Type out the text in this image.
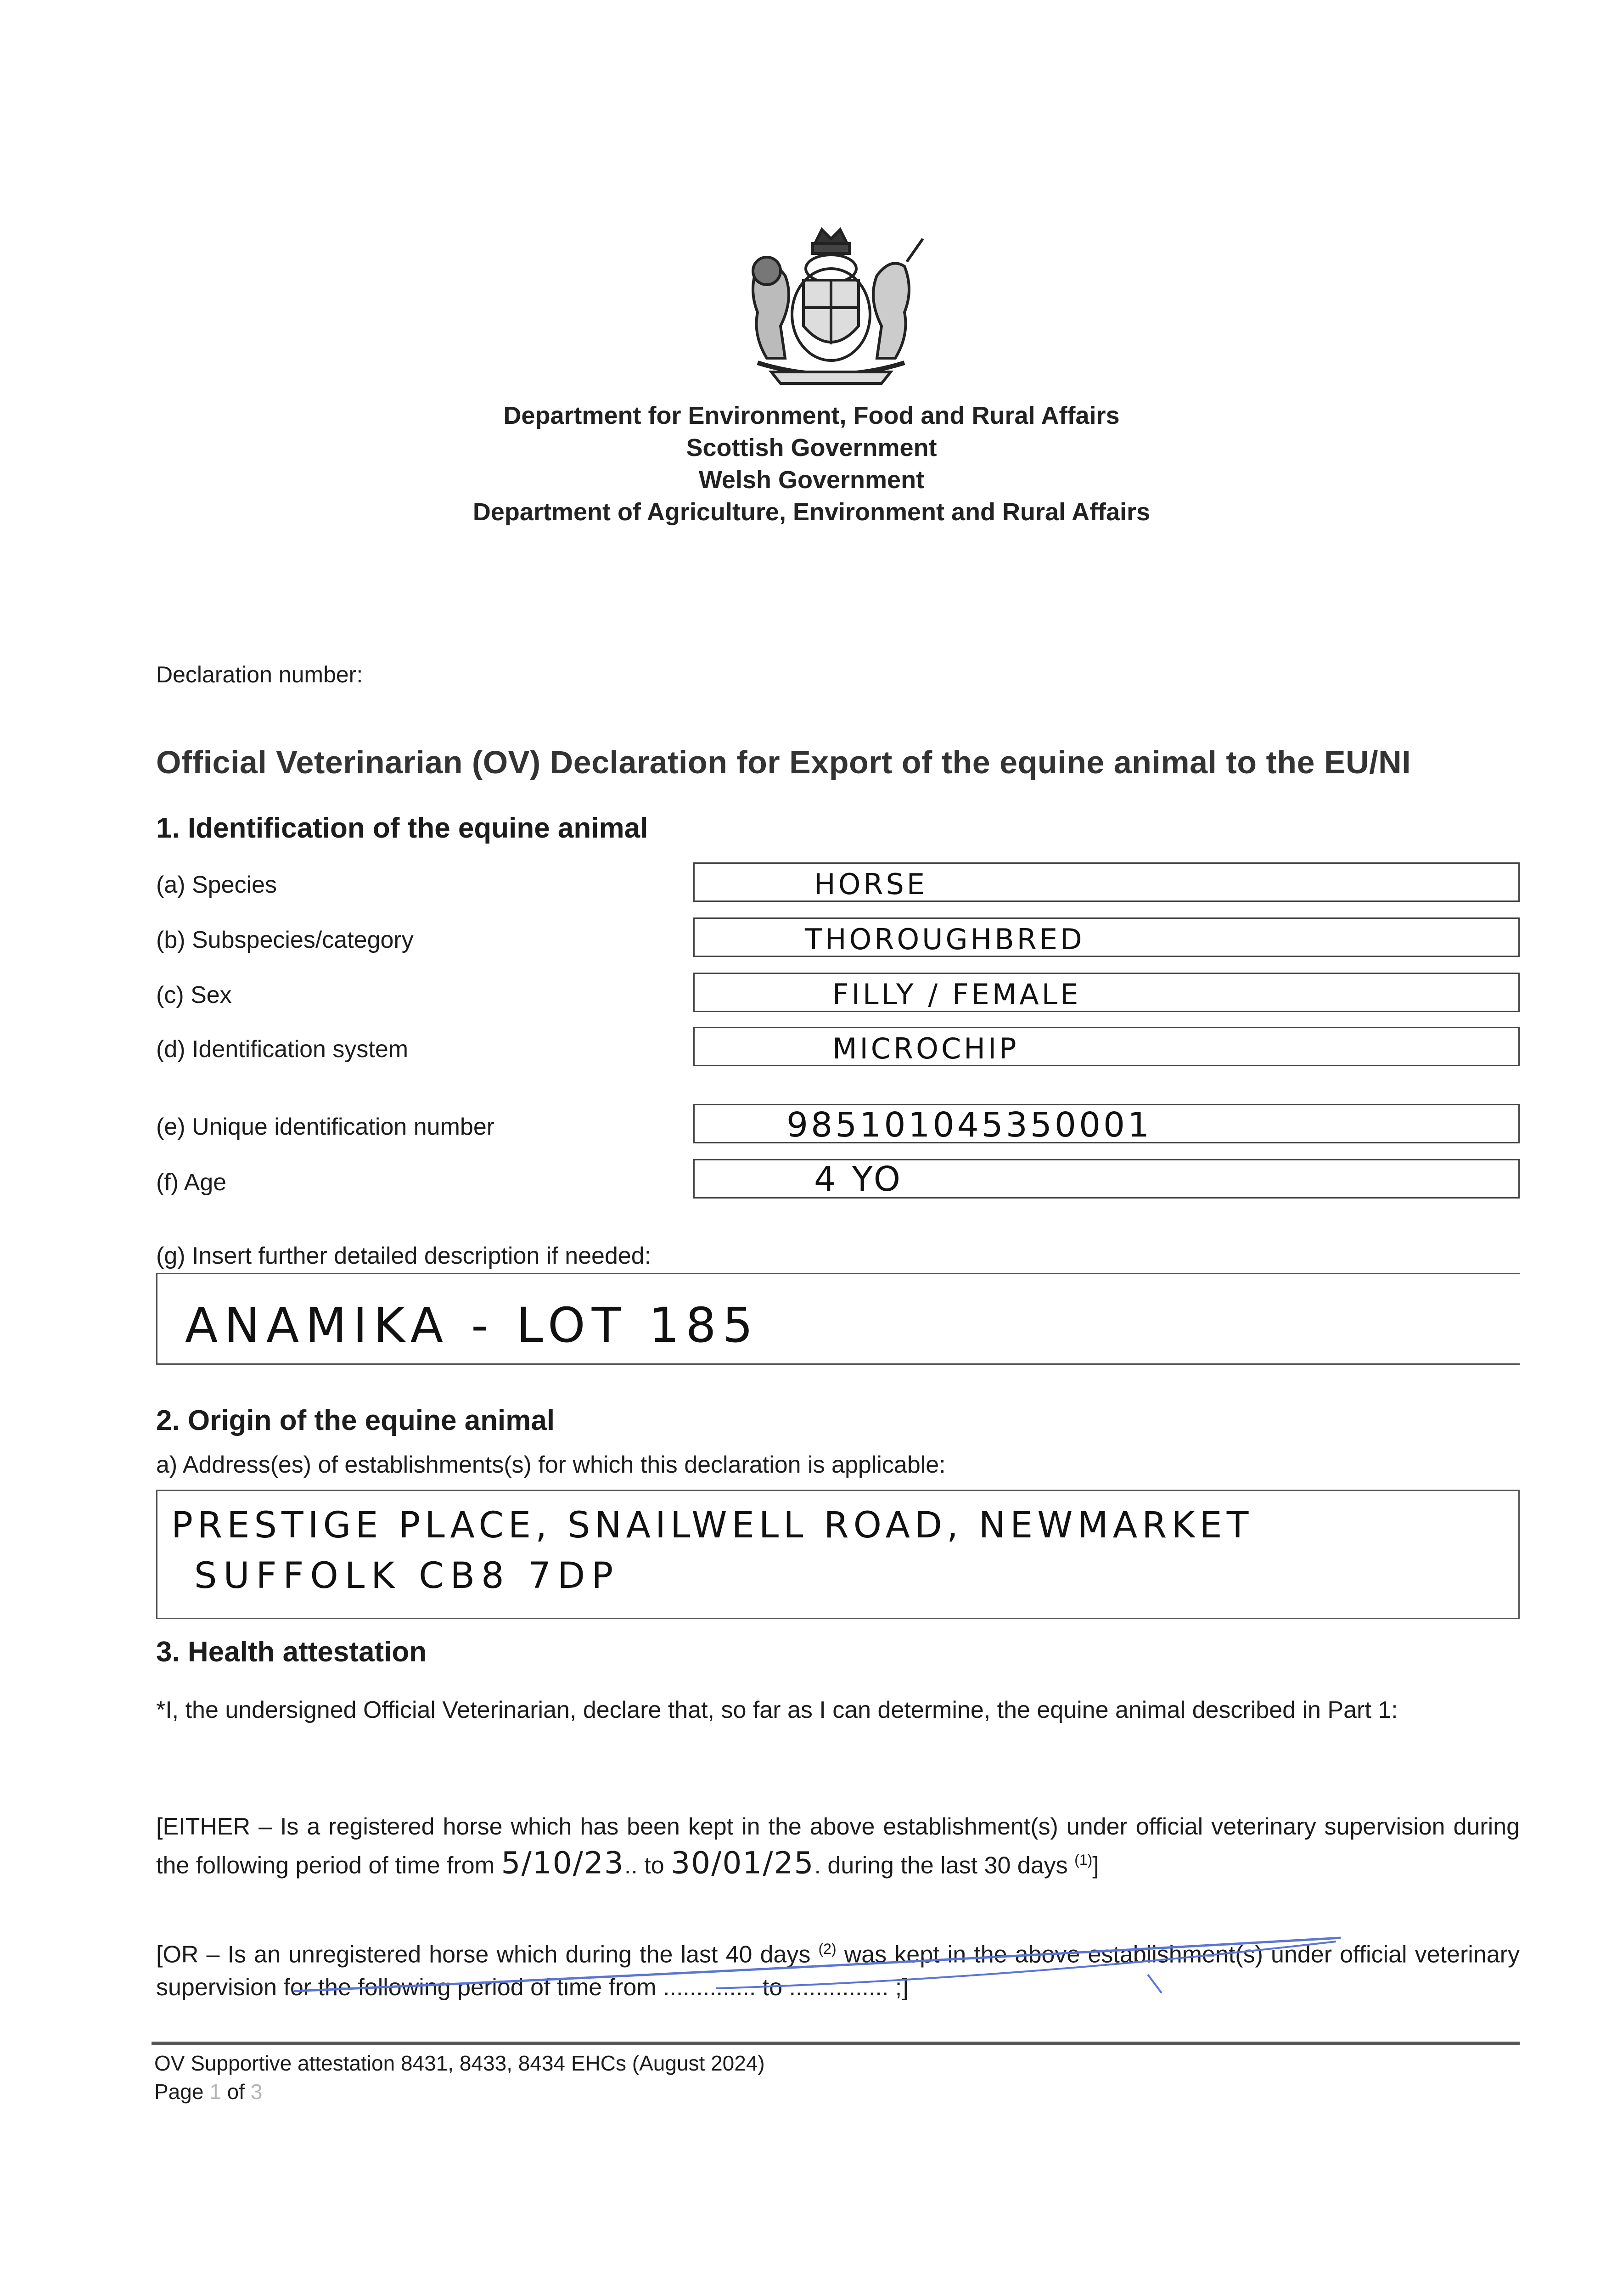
Department for Environment, Food and Rural Affairs
Scottish Government
Welsh Government
Department of Agriculture, Environment and Rural Affairs
Declaration number:
Official Veterinarian (OV) Declaration for Export of the equine animal to the EU/NI
1. Identification of the equine animal
(a) Species	HORSE
(b) Subspecies/category	THOROUGHBRED
(c) Sex	FILLY / FEMALE
(d) Identification system	MICROCHIP
(e) Unique identification number	985101045350001
(f) Age	4 YO
(g) Insert further detailed description if needed:
ANAMIKA - LOT 185
2. Origin of the equine animal
a) Address(es) of establishments(s) for which this declaration is applicable:
PRESTIGE PLACE, SNAILWELL ROAD, NEWMARKET
SUFFOLK CB8 7DP
3. Health attestation
*I, the undersigned Official Veterinarian, declare that, so far as I can determine, the equine animal described in Part 1:
[EITHER – Is a registered horse which has been kept in the above establishment(s) under official veterinary supervision during the following period of time from 5/10/23.. to 30/01/25. during the last 30 days $^{(1)}$]
[OR – Is an unregistered horse which during the last 40 days $^{(2)}$ was kept in the above establishment(s) under official veterinary supervision for the following period of time from .............. to ............... ;]
OV Supportive attestation 8431, 8433, 8434 EHCs (August 2024)
Page 1 of 3
